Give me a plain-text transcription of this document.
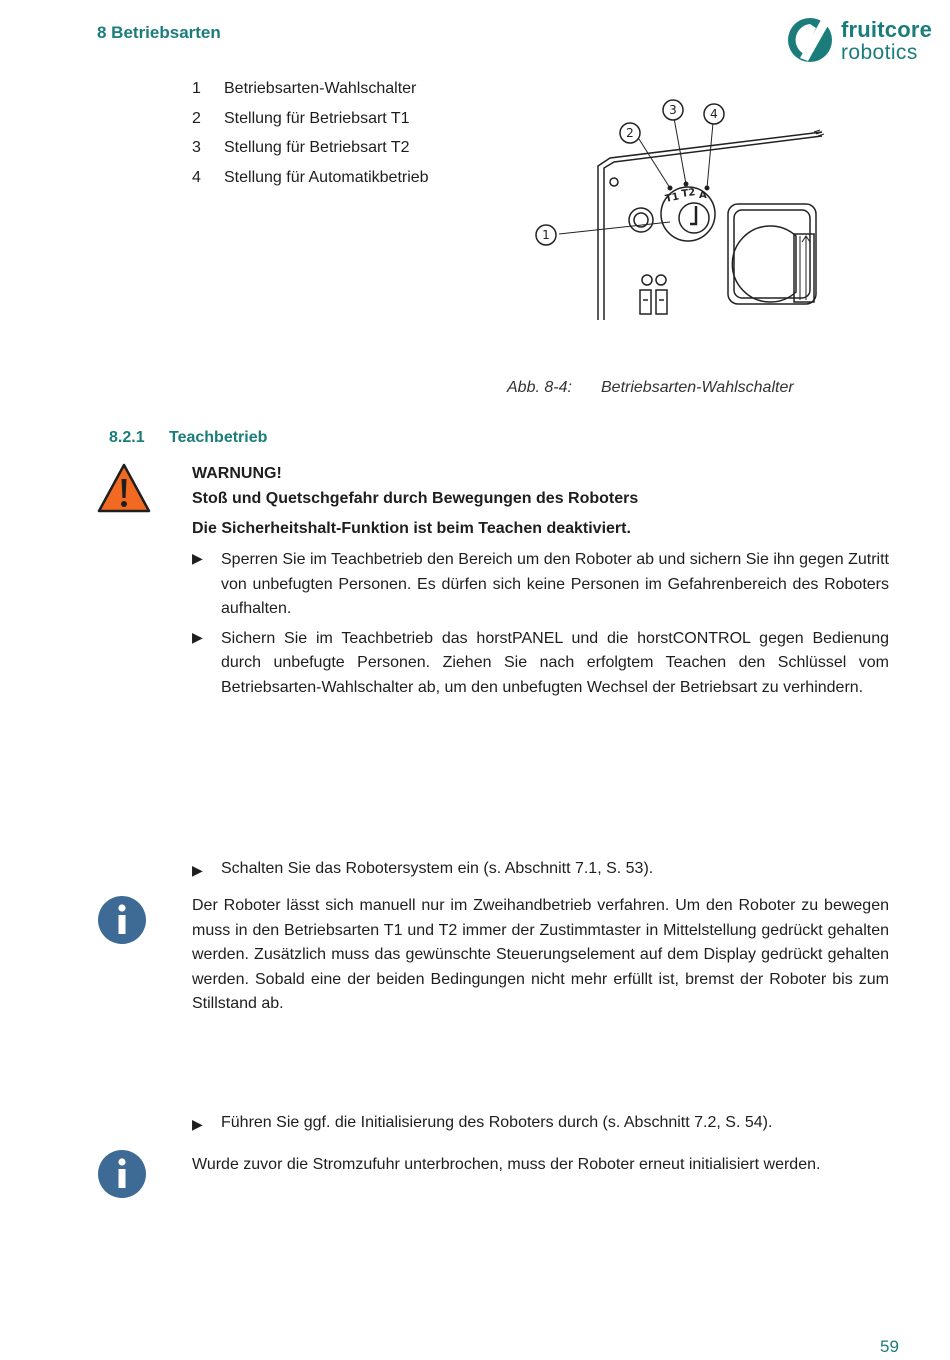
8 Betriebsarten	fruitcore
robotics
1	Betriebsarten-Wahlschalter
2	Stellung für Betriebsart T1
3	Stellung für Betriebsart T2
4	Stellung für Automatikbetrieb
T1 T2 A
1
2
3	4
Abb. 8-4: Betriebsarten-Wahlschalter
8.2.1 Teachbetrieb
WARNUNG!
Stoß und Quetschgefahr durch Bewegungen des Roboters
Die Sicherheitshalt-Funktion ist beim Teachen deaktiviert.
▶	Sperren Sie im Teachbetrieb den Bereich um den Roboter ab und sichern Sie ihn gegen Zutritt von unbefugten Personen. Es dürfen sich keine Personen im Gefahrenbereich des Roboters aufhalten.
▶	Sichern Sie im Teachbetrieb das horstPANEL und die horstCONTROL gegen Bedienung durch unbefugte Personen. Ziehen Sie nach erfolgtem Teachen den Schlüssel vom Betriebsarten-Wahlschalter ab, um den unbefugten Wechsel der Betriebsart zu verhindern.
▶	Schalten Sie das Robotersystem ein (s. Abschnitt 7.1, S. 53).
Der Roboter lässt sich manuell nur im Zweihandbetrieb verfahren. Um den Roboter zu bewegen muss in den Betriebsarten T1 und T2 immer der Zustimmtaster in Mittelstellung gedrückt gehalten werden. Zusätzlich muss das gewünschte Steuerungselement auf dem Display gedrückt gehalten werden. Sobald eine der beiden Bedingungen nicht mehr erfüllt ist, bremst der Roboter bis zum Stillstand ab.
▶	Führen Sie ggf. die Initialisierung des Roboters durch (s. Abschnitt 7.2, S. 54).
Wurde zuvor die Stromzufuhr unterbrochen, muss der Roboter erneut initialisiert werden.
59
